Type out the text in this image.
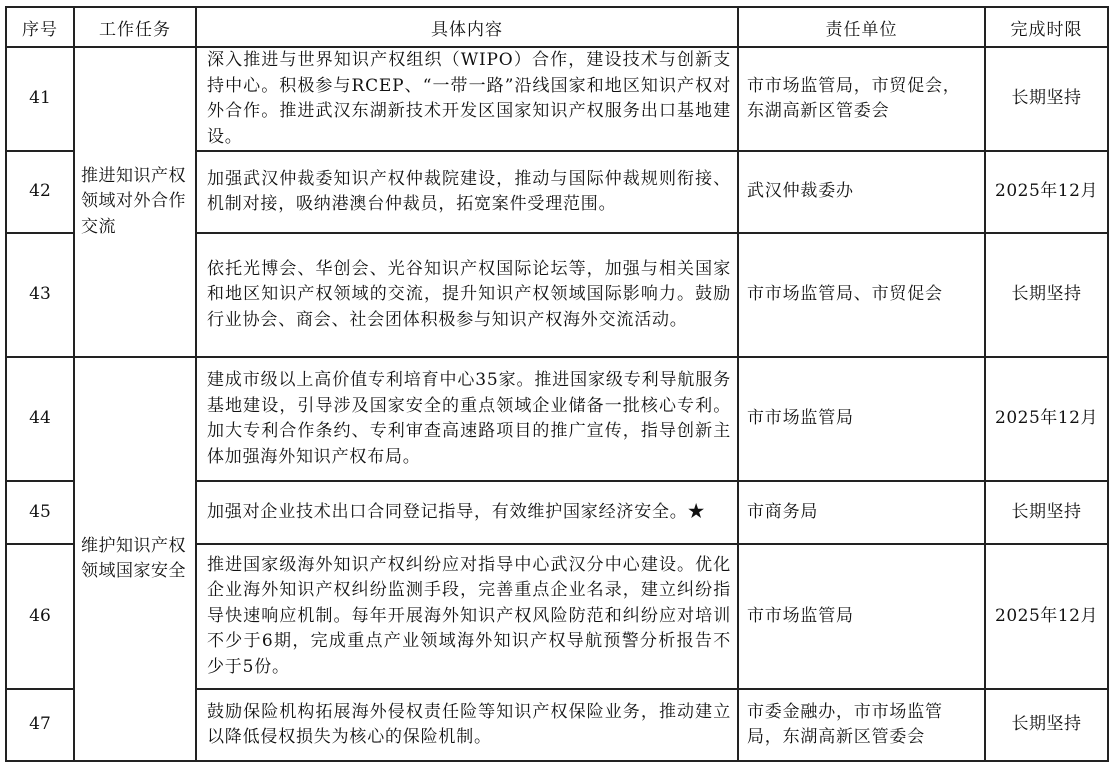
序号	工作任务	具体内容	责任单位	完成时限
41	推进知识产权领域对外合作交流	深入推进与世界知识产权组织（WIPO）合作，建设技术与创新支持中心。积极参与RCEP、“一带一路”沿线国家和地区知识产权对外合作。推进武汉东湖新技术开发区国家知识产权服务出口基地建设。	市市场监管局，市贸促会，东湖高新区管委会	长期坚持
42		加强武汉仲裁委知识产权仲裁院建设，推动与国际仲裁规则衔接、机制对接，吸纳港澳台仲裁员，拓宽案件受理范围。	武汉仲裁委办	2025年12月
43		依托光博会、华创会、光谷知识产权国际论坛等，加强与相关国家和地区知识产权领域的交流，提升知识产权领域国际影响力。鼓励行业协会、商会、社会团体积极参与知识产权海外交流活动。	市市场监管局、市贸促会	长期坚持
44	维护知识产权领域国家安全	建成市级以上高价值专利培育中心35家。推进国家级专利导航服务基地建设，引导涉及国家安全的重点领域企业储备一批核心专利。加大专利合作条约、专利审查高速路项目的推广宣传，指导创新主体加强海外知识产权布局。	市市场监管局	2025年12月
45		加强对企业技术出口合同登记指导，有效维护国家经济安全。★	市商务局	长期坚持
46		推进国家级海外知识产权纠纷应对指导中心武汉分中心建设。优化企业海外知识产权纠纷监测手段，完善重点企业名录，建立纠纷指导快速响应机制。每年开展海外知识产权风险防范和纠纷应对培训不少于6期，完成重点产业领域海外知识产权导航预警分析报告不少于5份。	市市场监管局	2025年12月
47		鼓励保险机构拓展海外侵权责任险等知识产权保险业务，推动建立以降低侵权损失为核心的保险机制。	市委金融办，市市场监管局，东湖高新区管委会	长期坚持
